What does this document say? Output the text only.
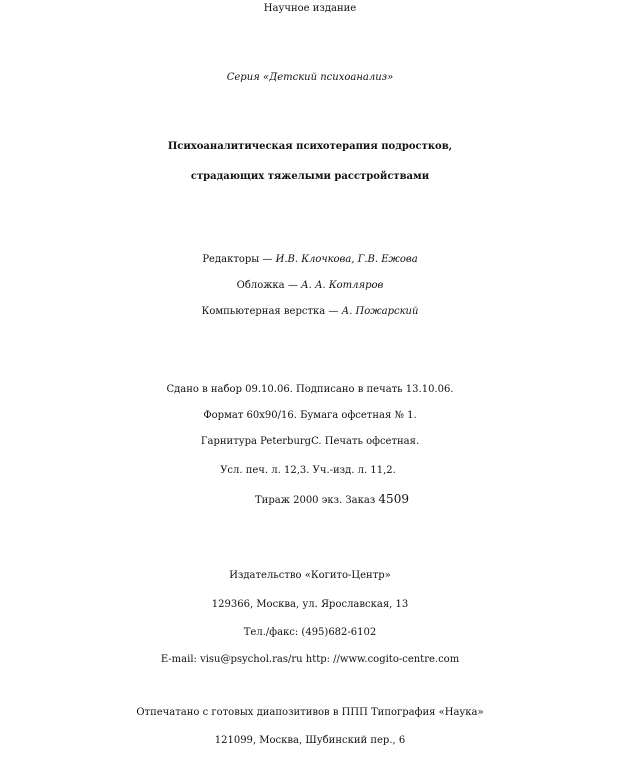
Научное издание
Серия «Детский психоанализ»
Психоаналитическая психотерапия подростков,
страдающих тяжелыми расстройствами
Редакторы — И.В. Клочкова, Г.В. Ежова
Обложка — А. А. Котляров
Компьютерная верстка — А. Пожарский
Сдано в набор 09.10.06. Подписано в печать 13.10.06.
Формат 60x90/16. Бумага офсетная № 1.
Гарнитура PeterburgC. Печать офсетная.
Усл. печ. л. 12,3. Уч.-изд. л. 11,2.
Тираж 2000 экз. Заказ 4509
Издательство «Когито-Центр»
129366, Москва, ул. Ярославская, 13
Тел./факс: (495)682-6102
E-mail: visu@psychol.ras/ru http: //www.cogito-centre.com
Отпечатано с готовых диапозитивов в ППП Типография «Наука»
121099, Москва, Шубинский пер., 6
